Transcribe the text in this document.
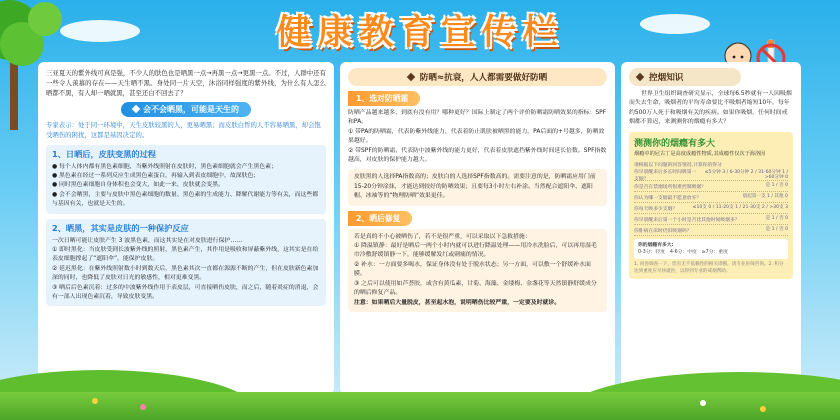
健康教育宣传栏
三亚夏天的紫外线可真是强，不少人的肤色也是晒黑一点→再黑一点→更黑一点。不过，人群中还有一些令人羡慕的存在——天生晒不黑。身处同一片天空，沐浴同样强度的紫外线，为什么有人怎么晒都不黑，有人却一晒就黑，甚至还白不回去了？
会不会晒黑，可能是天生的
专家表示：处于同一环境中，天生皮肤较黑的人，更易晒黑；而皮肤白皙的人不容易晒黑，却会饱受晒伤的困扰，这都是基因决定的。
1、日晒后，皮肤变黑的过程
● 每个人体内都有黑色素细胞，当紫外线照射在皮肤时，黑色素细胞就会产生黑色素；
● 黑色素在经过一系列反应生成黑色素蛋白，再输入到表皮细胞中，故深肤色；
● 同时黑色素细胞自身体积也会变大，如此一来，皮肤就会变黑。
● 会不会晒黑，主要与皮肤中黑色素细胞的数量、黑色素的生成能力、降解代谢能力等有关，而这些都与基因有关，也就是天生的。
2、晒黑，其实是皮肤的一种保护反应
一次日晒可能让皮肤产生 3 波黑色素，而这其实是在对皮肤进行保护……
① 即时黑化：当皮肤受到长波紫外线的照射，黑色素产生，其作用是吸收和屏蔽紫外线，这其实是在给表皮细胞撑起了“遮阳伞”，能保护皮肤。
② 延迟黑化：在紫外线照射数小时到数天后，黑色素其次一直都在源源不断的产生，但在皮肤新色素加深的同时，也降低了皮肤对日光的敏感性，相对更难变黑。
③ 晒后后色素沉着：过多的中波紫外线作用于表皮层，可直接晒伤皮肤，而之后，随着炎症的消退，会有一部人出现色素沉着，导致皮肤变黑。
防晒≈抗衰，人人都需要做好防晒
1、选对防晒霜
防晒产品越来越多，到底有没有用？哪种更好？国际上制定了两个评价防晒霜防晒效果的指标：SPF和PA。
① 带PA的防晒霜，代表防紫外线能力，代表着防止肌肤被晒黑的能力。PA后面的+号越多，防晒效果越好。
② 带SPF的防晒霜，代表防中波紫外线的能力更好，代表着皮肤遮挡紫外线时间延长倍数。SPF指数越高，对皮肤的保护能力越大。
皮肤黑的人选择PA指数高的；皮肤白的人选择SPF指数高的。需要注意的是，防晒霜应用门前15-20分钟涂抹，才能达到较好的防晒效果；且要每3小时左右补涂。当然配合遮阳伞、遮阳帽、冰袖等的“物理防晒”效果更佳。
2、晒后修复
若是真的不小心被晒伤了，若不是很严重，可以采取以下急救措施：
① 降温镇静：最好是晒后一两个小时内就可以进行降温处理——用冷水洗脸后，可以再用湿毛巾冷敷舒缓镇静一下，能够缓解发红或刺痛的情况。
② 补水：一方面要多喝水，保证身体没有处于脱水状态；另一方面，可以敷一个舒缓补水面膜。
③ 之后可以使用如芦荟胶，或含有黄瓜素、甘菊、海藻、金缕梅、金盏花等天然镇静舒缓成分的晒后修复产品。
注意：如果晒后大量脱皮，甚至起水泡，说明晒伤比较严重，一定要及时就诊。
控烟知识
世界卫生组织调查研究显示，全球每6.5秒就有一人因吸烟而失去生命，吸烟者的平均寿命要比不吸烟者缩短10年，每年约500万人死于和吸烟有关的疾病。如果你吸烟，任何时间戒烟都不算迟，来测测你的烟瘾有多大？
测测你的烟瘾有多大
烟瘾中的尼古丁是高度成瘾性物质,其成瘾性仅次于海洛因
请根据以下问题的回答情况,计算你的得分
你早晨醒来后多长时间吸第一支烟？
≤5分钟 3 / 6-30分钟 2 / 31-60分钟 1 / >60分钟 0
你是否在禁烟场所很难控制吸烟？	是 1 / 否 0
你认为哪一支烟最不愿意放弃？	晨起第一支 1 / 其他 0
你每天吸多少支烟？	≤10支 0 / 11-20支 1 / 21-30支 2 / >30支 3
你早晨醒来后第一个小时是否比其他时间吸烟多？	是 1 / 否 0
你卧病在床时仍旧吸烟吗？	是 1 / 否 0
你的烟瘾有多大:
0-3分：轻度　4-6分：中度　≥7分：重度
1. 问卷调查一下，您有无不依赖性的相关诊断，请专业医师咨询。2. 积分达到重度应尽快就医，以得到专业的戒烟帮助。
